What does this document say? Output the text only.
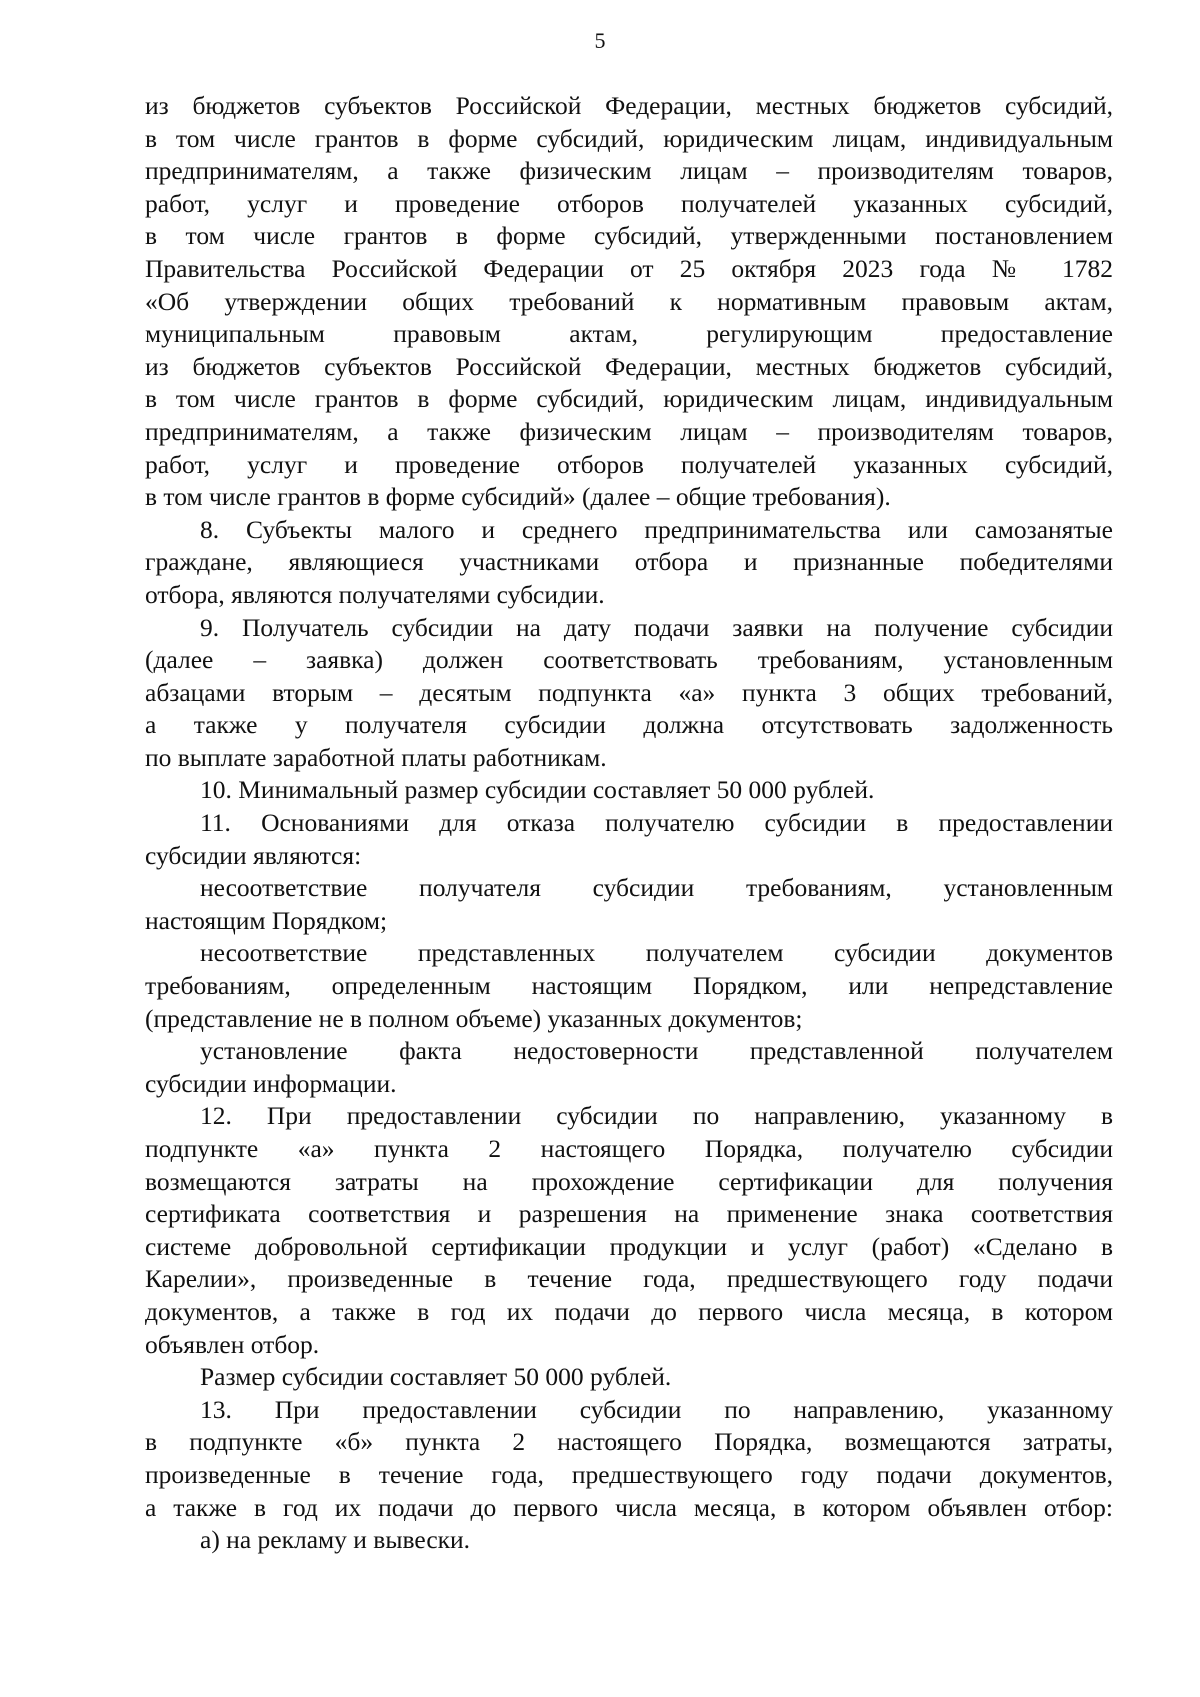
5
из бюджетов субъектов Российской Федерации, местных бюджетов субсидий,
в том числе грантов в форме субсидий, юридическим лицам, индивидуальным
предпринимателям, а также физическим лицам – производителям товаров,
работ, услуг и проведение отборов получателей указанных субсидий,
в том числе грантов в форме субсидий, утвержденными постановлением
Правительства Российской Федерации от 25 октября 2023 года № 1782
«Об утверждении общих требований к нормативным правовым актам,
муниципальным правовым актам, регулирующим предоставление
из бюджетов субъектов Российской Федерации, местных бюджетов субсидий,
в том числе грантов в форме субсидий, юридическим лицам, индивидуальным
предпринимателям, а также физическим лицам – производителям товаров,
работ, услуг и проведение отборов получателей указанных субсидий,
в том числе грантов в форме субсидий» (далее – общие требования).
8. Субъекты малого и среднего предпринимательства или самозанятые
граждане, являющиеся участниками отбора и признанные победителями
отбора, являются получателями субсидии.
9. Получатель субсидии на дату подачи заявки на получение субсидии
(далее – заявка) должен соответствовать требованиям, установленным
абзацами вторым – десятым подпункта «а» пункта 3 общих требований,
а также у получателя субсидии должна отсутствовать задолженность
по выплате заработной платы работникам.
10. Минимальный размер субсидии составляет 50 000 рублей.
11. Основаниями для отказа получателю субсидии в предоставлении
субсидии являются:
несоответствие получателя субсидии требованиям, установленным
настоящим Порядком;
несоответствие представленных получателем субсидии документов
требованиям, определенным настоящим Порядком, или непредставление
(представление не в полном объеме) указанных документов;
установление факта недостоверности представленной получателем
субсидии информации.
12. При предоставлении субсидии по направлению, указанному в
подпункте «а» пункта 2 настоящего Порядка, получателю субсидии
возмещаются затраты на прохождение сертификации для получения
сертификата соответствия и разрешения на применение знака соответствия
системе добровольной сертификации продукции и услуг (работ) «Сделано в
Карелии», произведенные в течение года, предшествующего году подачи
документов, а также в год их подачи до первого числа месяца, в котором
объявлен отбор.
Размер субсидии составляет 50 000 рублей.
13. При предоставлении субсидии по направлению, указанному
в подпункте «б» пункта 2 настоящего Порядка, возмещаются затраты,
произведенные в течение года, предшествующего году подачи документов,
а также в год их подачи до первого числа месяца, в котором объявлен отбор:
а) на рекламу и вывески.
